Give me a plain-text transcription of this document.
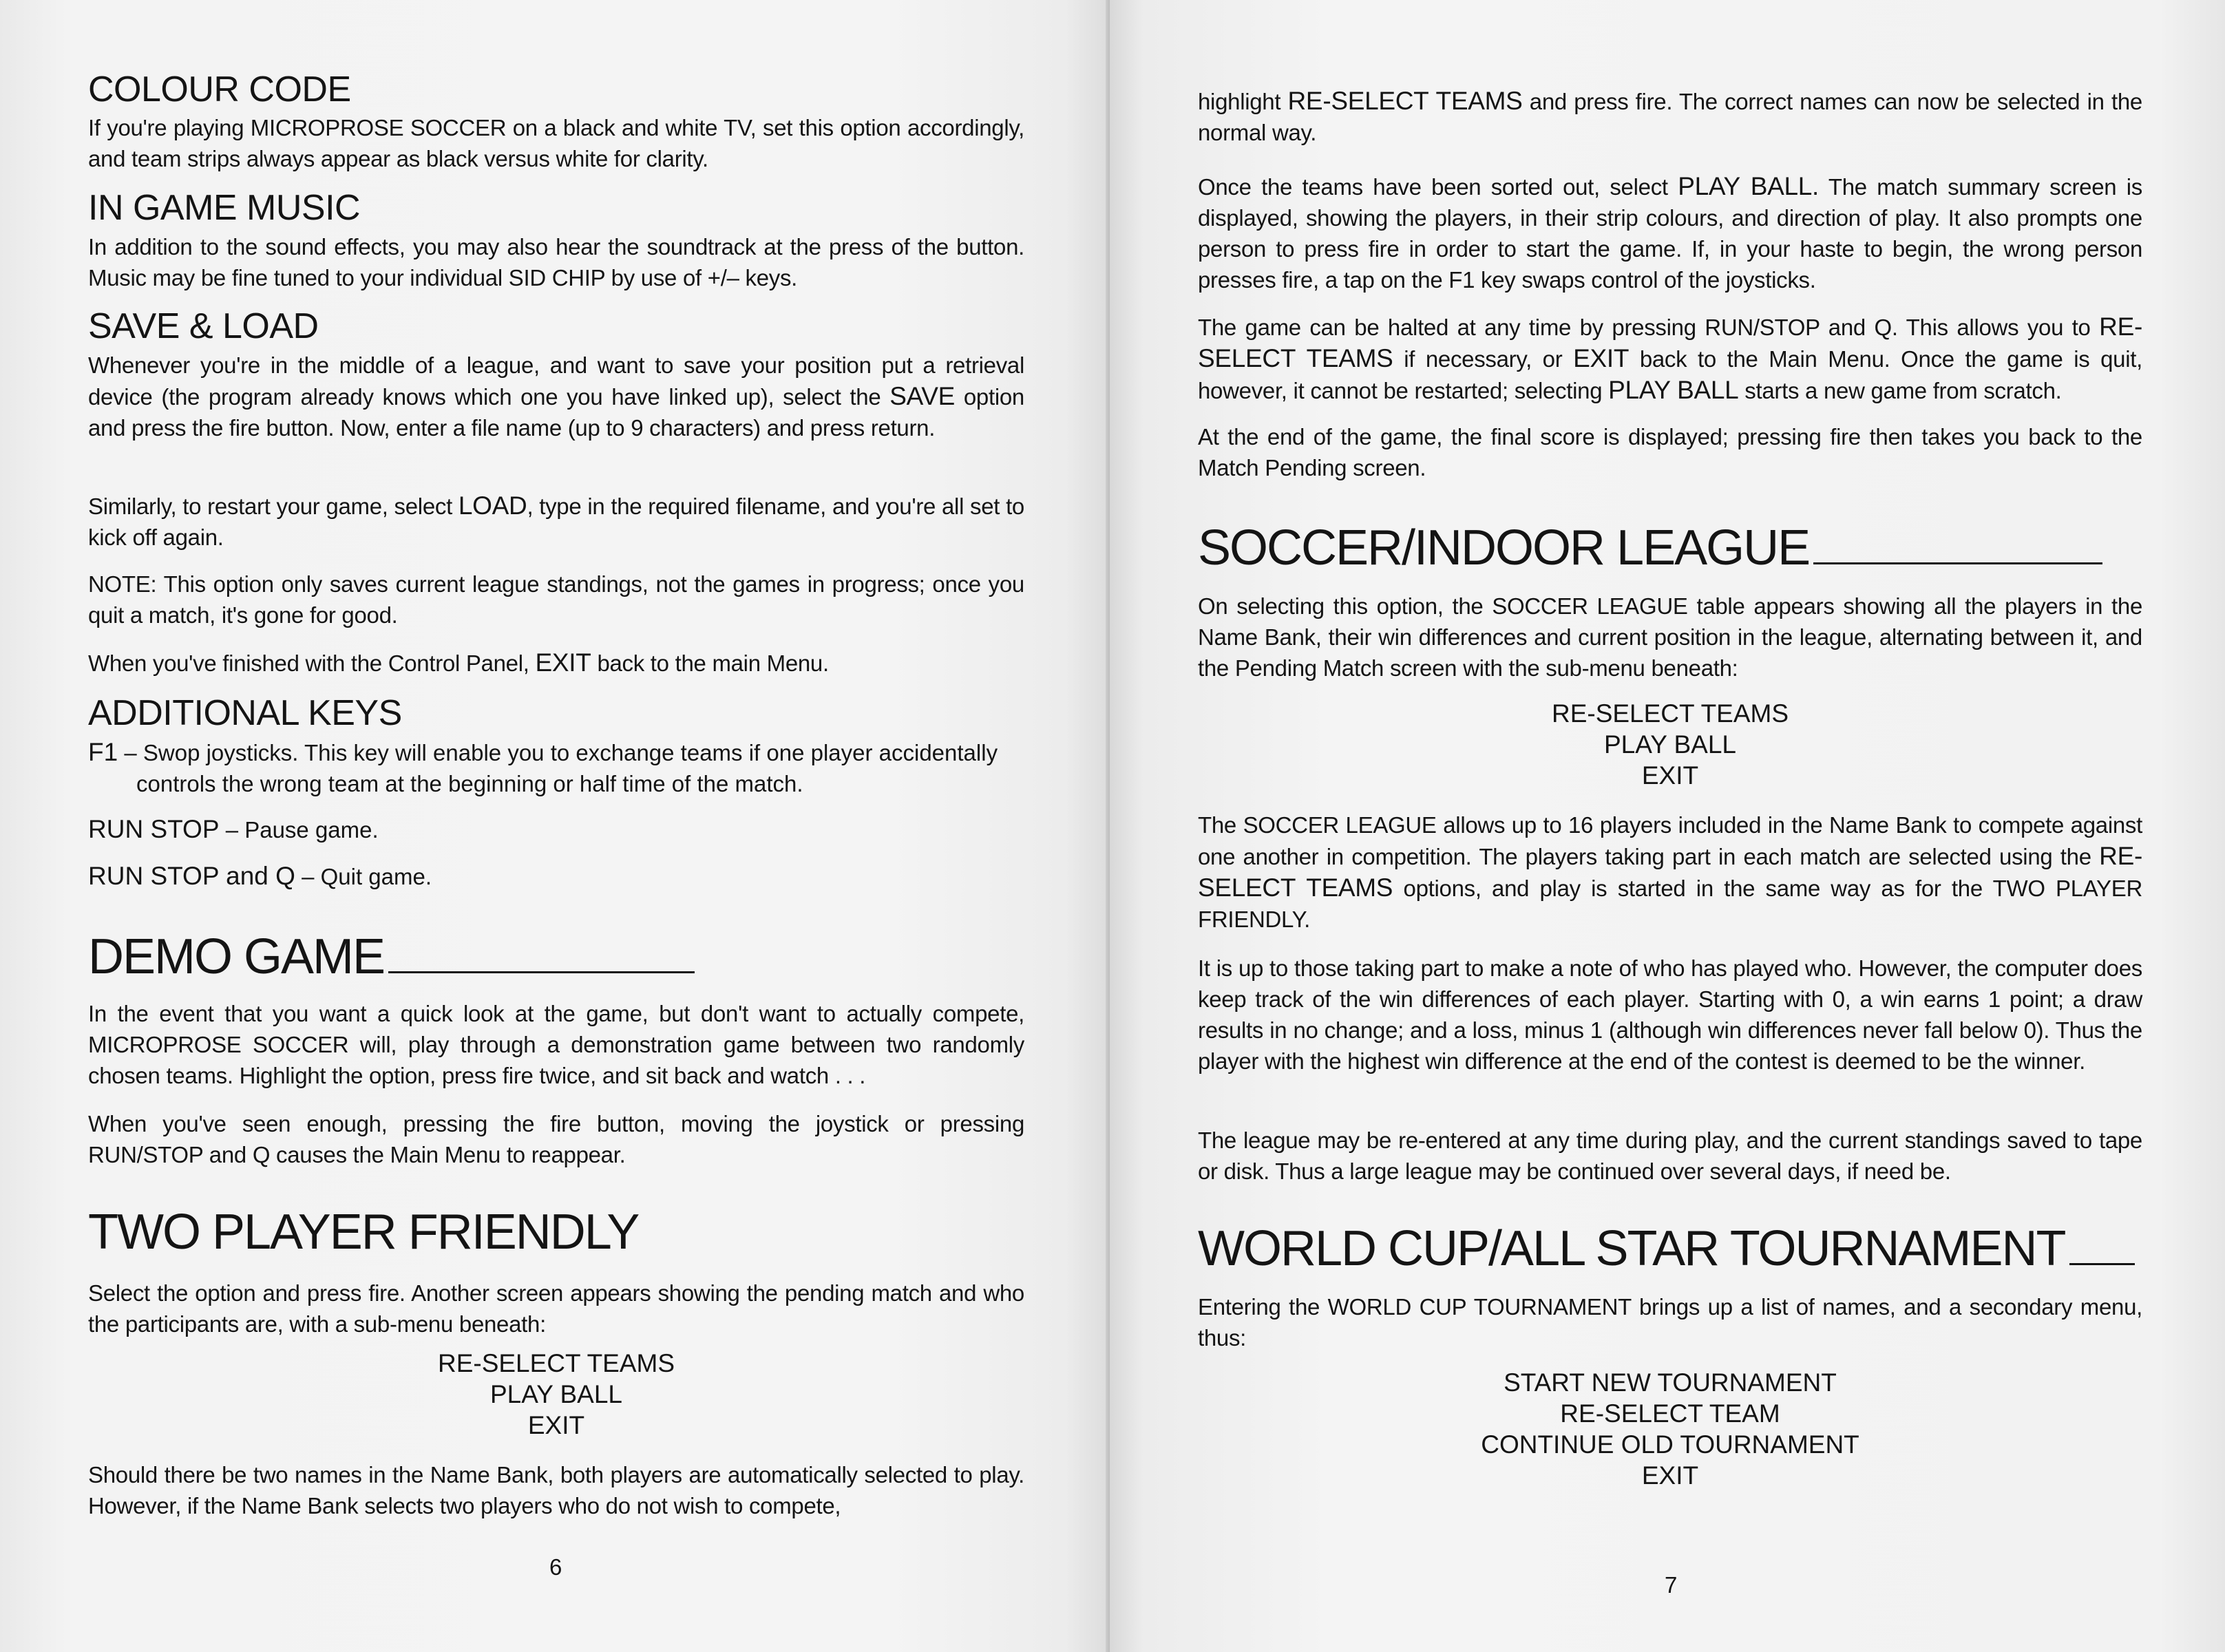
COLOUR CODE

If you're playing MICROPROSE SOCCER on a black and white TV, set this option accordingly, and team strips always appear as black versus white for clarity.

IN GAME MUSIC

In addition to the sound effects, you may also hear the soundtrack at the press of the button. Music may be fine tuned to your individual SID CHIP by use of +/– keys.

SAVE & LOAD

Whenever you're in the middle of a league, and want to save your position put a retrieval device (the program already knows which one you have linked up), select the SAVE option and press the fire button. Now, enter a file name (up to 9 characters) and press return.

Similarly, to restart your game, select LOAD, type in the required filename, and you're all set to kick off again.

NOTE: This option only saves current league standings, not the games in progress; once you quit a match, it's gone for good.

When you've finished with the Control Panel, EXIT back to the main Menu.

ADDITIONAL KEYS
F1 – Swop joysticks. This key will enable you to exchange teams if one player accidentally controls the wrong team at the beginning or half time of the match.
RUN STOP – Pause game.
RUN STOP and Q – Quit game.
DEMO GAME

In the event that you want a quick look at the game, but don't want to actually compete, MICROPROSE SOCCER will, play through a demonstration game between two randomly chosen teams. Highlight the option, press fire twice, and sit back and watch . . .

When you've seen enough, pressing the fire button, moving the joystick or pressing RUN/STOP and Q causes the Main Menu to reappear.

TWO PLAYER FRIENDLY

Select the option and press fire. Another screen appears showing the pending match and who the participants are, with a sub-menu beneath:

RE-SELECT TEAMS
PLAY BALL
EXIT

Should there be two names in the Name Bank, both players are automatically selected to play. However, if the Name Bank selects two players who do not wish to compete,

6

highlight RE-SELECT TEAMS and press fire. The correct names can now be selected in the normal way.

Once the teams have been sorted out, select PLAY BALL. The match summary screen is displayed, showing the players, in their strip colours, and direction of play. It also prompts one person to press fire in order to start the game. If, in your haste to begin, the wrong person presses fire, a tap on the F1 key swaps control of the joysticks.

The game can be halted at any time by pressing RUN/STOP and Q. This allows you to RE-SELECT TEAMS if necessary, or EXIT back to the Main Menu. Once the game is quit, however, it cannot be restarted; selecting PLAY BALL starts a new game from scratch.

At the end of the game, the final score is displayed; pressing fire then takes you back to the Match Pending screen.

SOCCER/INDOOR LEAGUE

On selecting this option, the SOCCER LEAGUE table appears showing all the players in the Name Bank, their win differences and current position in the league, alternating between it, and the Pending Match screen with the sub-menu beneath:

RE-SELECT TEAMS
PLAY BALL
EXIT

The SOCCER LEAGUE allows up to 16 players included in the Name Bank to compete against one another in competition. The players taking part in each match are selected using the RE-SELECT TEAMS options, and play is started in the same way as for the TWO PLAYER FRIENDLY.

It is up to those taking part to make a note of who has played who. However, the computer does keep track of the win differences of each player. Starting with 0, a win earns 1 point; a draw results in no change; and a loss, minus 1 (although win differences never fall below 0). Thus the player with the highest win difference at the end of the contest is deemed to be the winner.

The league may be re-entered at any time during play, and the current standings saved to tape or disk. Thus a large league may be continued over several days, if need be.

WORLD CUP/ALL STAR TOURNAMENT

Entering the WORLD CUP TOURNAMENT brings up a list of names, and a secondary menu, thus:

START NEW TOURNAMENT
RE-SELECT TEAM
CONTINUE OLD TOURNAMENT
EXIT
7
